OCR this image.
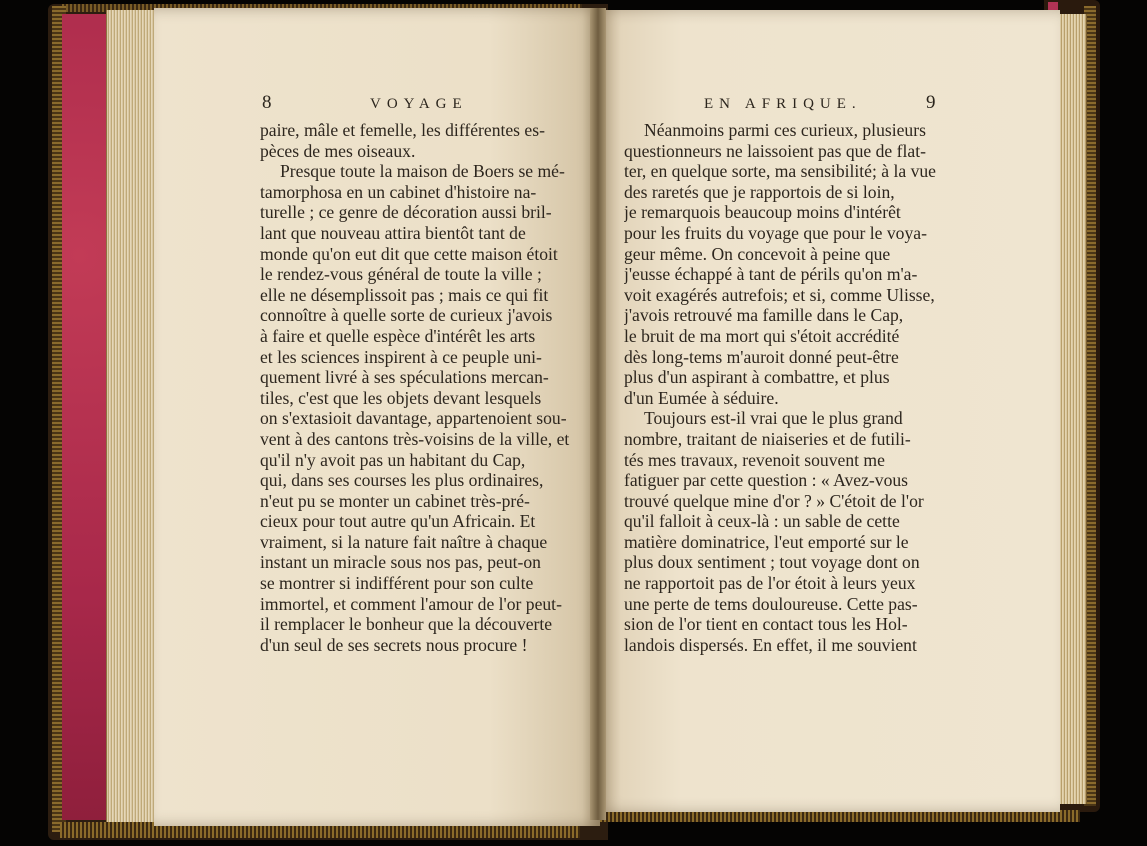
8	VOYAGE	EN AFRIQUE.	9
paire, mâle et femelle, les différentes es-
pèces de mes oiseaux.
Presque toute la maison de Boers se mé-
tamorphosa en un cabinet d'histoire na-
turelle ; ce genre de décoration aussi bril-
lant que nouveau attira bientôt tant de
monde qu'on eut dit que cette maison étoit
le rendez-vous général de toute la ville ;
elle ne désemplissoit pas ; mais ce qui fit
connoître à quelle sorte de curieux j'avois
à faire et quelle espèce d'intérêt les arts
et les sciences inspirent à ce peuple uni-
quement livré à ses spéculations mercan-
tiles, c'est que les objets devant lesquels
on s'extasioit davantage, appartenoient sou-
vent à des cantons très-voisins de la ville, et
qu'il n'y avoit pas un habitant du Cap,
qui, dans ses courses les plus ordinaires,
n'eut pu se monter un cabinet très-pré-
cieux pour tout autre qu'un Africain. Et
vraiment, si la nature fait naître à chaque
instant un miracle sous nos pas, peut-on
se montrer si indifférent pour son culte
immortel, et comment l'amour de l'or peut-
il remplacer le bonheur que la découverte
d'un seul de ses secrets nous procure !
Néanmoins parmi ces curieux, plusieurs
questionneurs ne laissoient pas que de flat-
ter, en quelque sorte, ma sensibilité; à la vue
des raretés que je rapportois de si loin,
je remarquois beaucoup moins d'intérêt
pour les fruits du voyage que pour le voya-
geur même. On concevoit à peine que
j'eusse échappé à tant de périls qu'on m'a-
voit exagérés autrefois; et si, comme Ulisse,
j'avois retrouvé ma famille dans le Cap,
le bruit de ma mort qui s'étoit accrédité
dès long-tems m'auroit donné peut-être
plus d'un aspirant à combattre, et plus
d'un Eumée à séduire.
Toujours est-il vrai que le plus grand
nombre, traitant de niaiseries et de futili-
tés mes travaux, revenoit souvent me
fatiguer par cette question : « Avez-vous
trouvé quelque mine d'or ? » C'étoit de l'or
qu'il falloit à ceux-là : un sable de cette
matière dominatrice, l'eut emporté sur le
plus doux sentiment ; tout voyage dont on
ne rapportoit pas de l'or étoit à leurs yeux
une perte de tems douloureuse. Cette pas-
sion de l'or tient en contact tous les Hol-
landois dispersés. En effet, il me souvient
